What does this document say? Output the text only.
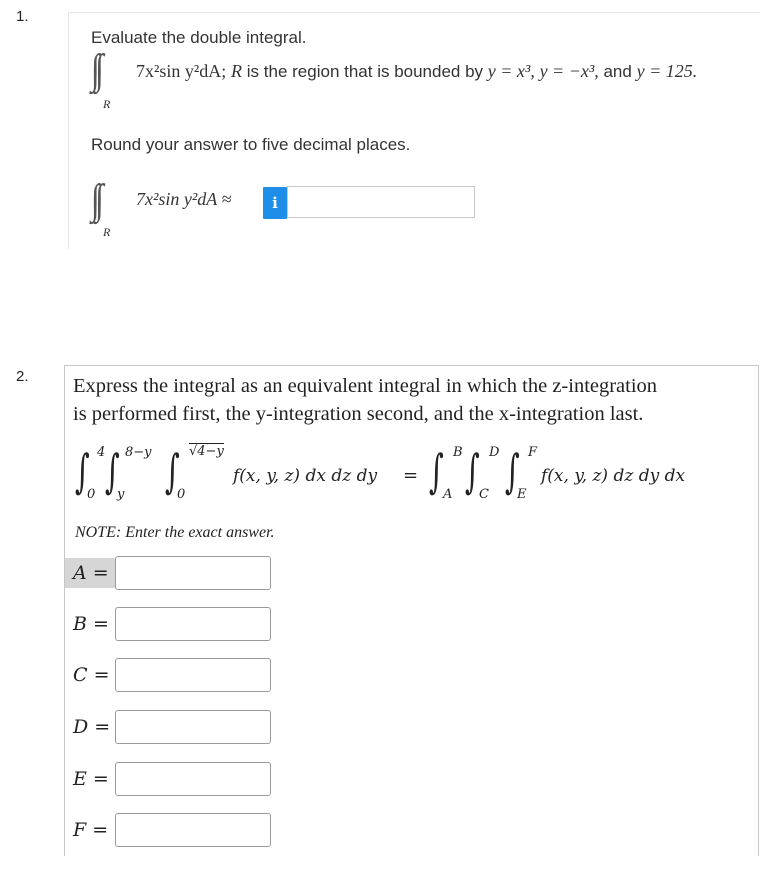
1.
Evaluate the double integral.
∫∫
R
7x²sin y²dA; R is the region that is bounded by y = x³, y = −x³, and y = 125.
Round your answer to five decimal places.
∫∫
R
7x²sin y²dA ≈	i
2. Express the integral as an equivalent integral in which the z-integration
is performed first, the y-integration second, and the x-integration last.
∫ 4
0 ∫ 8−y
y ∫ √4−y
0
f(x, y, z) dx dz dy = ∫ B
A ∫ D
C ∫ F
E
f(x, y, z) dz dy dx
NOTE: Enter the exact answer.
A =
B =
C =
D =
E =
F =
